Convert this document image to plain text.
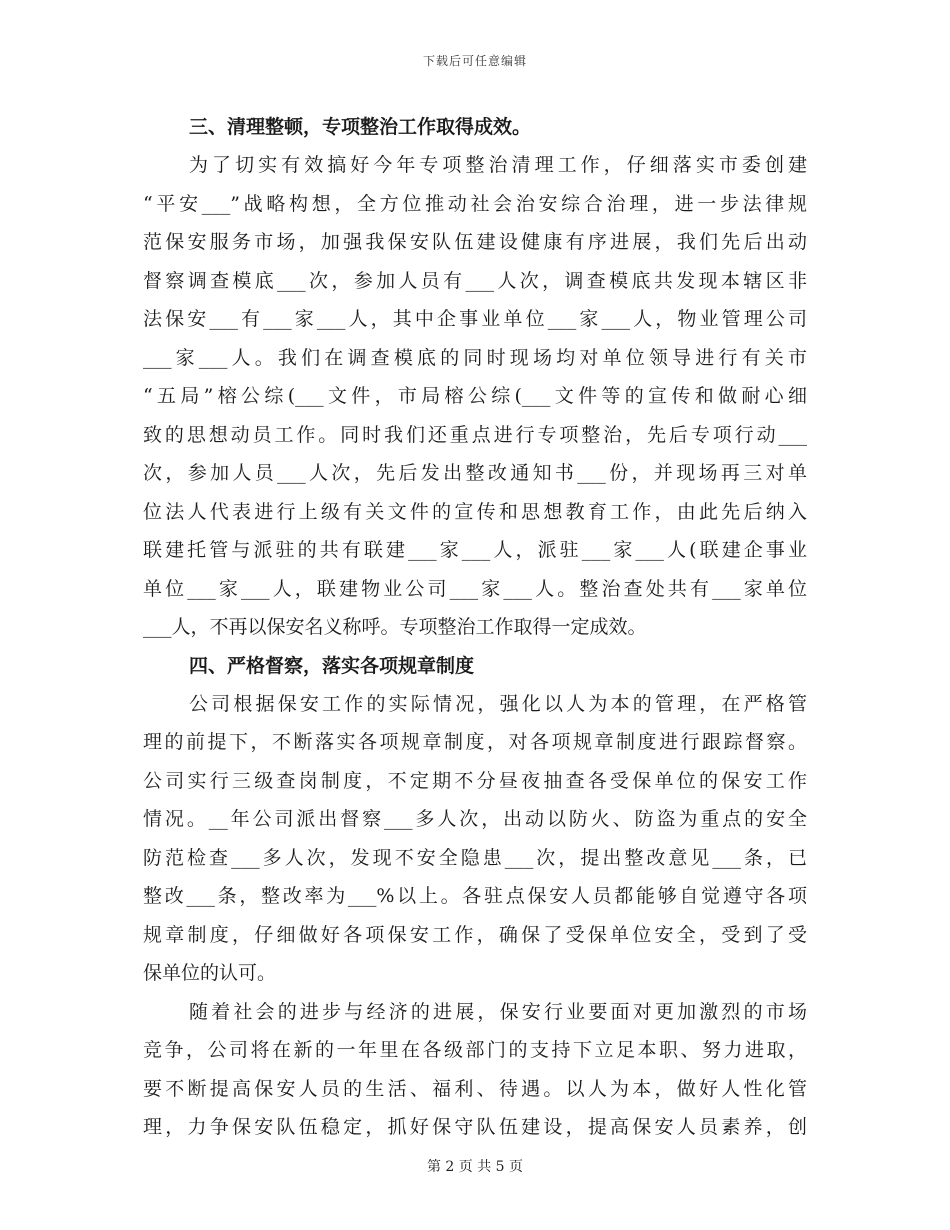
下载后可任意编辑
三、清理整顿，专项整治工作取得成效。
为了切实有效搞好今年专项整治清理工作，仔细落实市委创建
“平安___”战略构想，全方位推动社会治安综合治理，进一步法律规
范保安服务市场，加强我保安队伍建设健康有序进展，我们先后出动
督察调查模底___次，参加人员有___人次，调查模底共发现本辖区非
法保安___有___家___人，其中企事业单位___家___人，物业管理公司
___家___人。我们在调查模底的同时现场均对单位领导进行有关市
“五局”榕公综(___文件，市局榕公综(___文件等的宣传和做耐心细
致的思想动员工作。同时我们还重点进行专项整治，先后专项行动___
次，参加人员___人次，先后发出整改通知书___份，并现场再三对单
位法人代表进行上级有关文件的宣传和思想教育工作，由此先后纳入
联建托管与派驻的共有联建___家___人，派驻___家___人(联建企事业
单位___家___人，联建物业公司___家___人。整治查处共有___家单位
___人，不再以保安名义称呼。专项整治工作取得一定成效。
四、严格督察，落实各项规章制度
公司根据保安工作的实际情况，强化以人为本的管理，在严格管
理的前提下，不断落实各项规章制度，对各项规章制度进行跟踪督察。
公司实行三级查岗制度，不定期不分昼夜抽查各受保单位的保安工作
情况。__年公司派出督察___多人次，出动以防火、防盗为重点的安全
防范检查___多人次，发现不安全隐患___次，提出整改意见___条，已
整改___条，整改率为___%以上。各驻点保安人员都能够自觉遵守各项
规章制度，仔细做好各项保安工作，确保了受保单位安全，受到了受
保单位的认可。
随着社会的进步与经济的进展，保安行业要面对更加激烈的市场
竞争，公司将在新的一年里在各级部门的支持下立足本职、努力进取，
要不断提高保安人员的生活、福利、待遇。以人为本，做好人性化管
理，力争保安队伍稳定，抓好保守队伍建设，提高保安人员素养，创
第 2 页 共 5 页
